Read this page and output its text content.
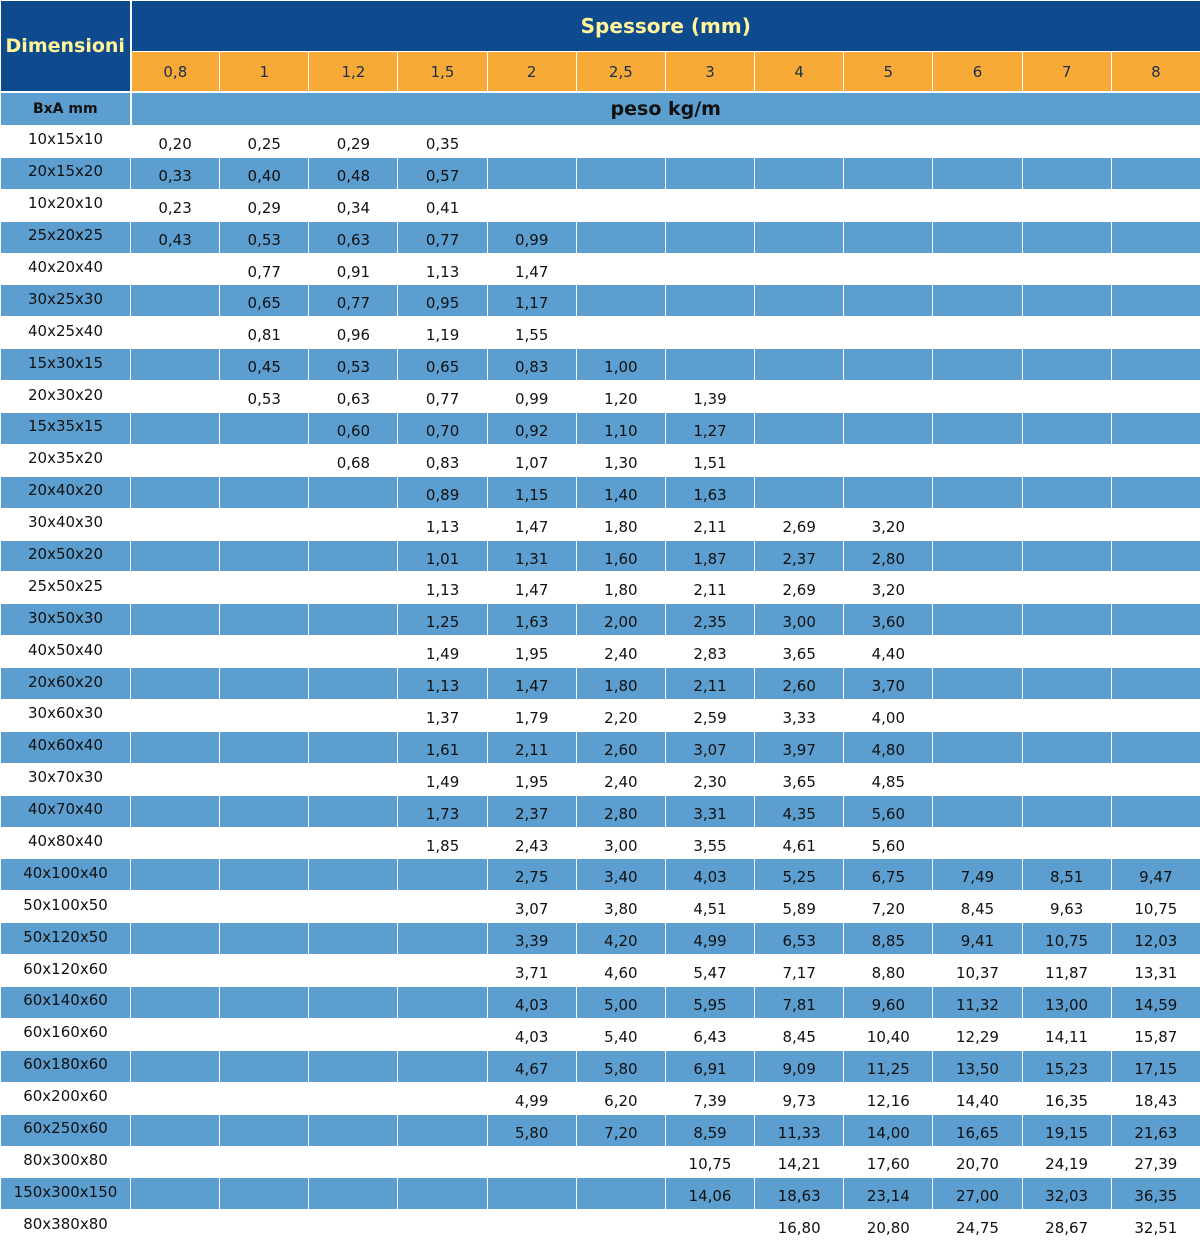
Dimensioni	Spessore (mm)											
	0,8	1	1,2	1,5	2	2,5	3	4	5	6	7	8
BxA mm	peso kg/m											
10x15x10	0,20	0,25	0,29	0,35								
20x15x20	0,33	0,40	0,48	0,57								
10x20x10	0,23	0,29	0,34	0,41								
25x20x25	0,43	0,53	0,63	0,77	0,99							
40x20x40		0,77	0,91	1,13	1,47							
30x25x30		0,65	0,77	0,95	1,17							
40x25x40		0,81	0,96	1,19	1,55							
15x30x15		0,45	0,53	0,65	0,83	1,00						
20x30x20		0,53	0,63	0,77	0,99	1,20	1,39					
15x35x15			0,60	0,70	0,92	1,10	1,27					
20x35x20			0,68	0,83	1,07	1,30	1,51					
20x40x20				0,89	1,15	1,40	1,63					
30x40x30				1,13	1,47	1,80	2,11	2,69	3,20			
20x50x20				1,01	1,31	1,60	1,87	2,37	2,80			
25x50x25				1,13	1,47	1,80	2,11	2,69	3,20			
30x50x30				1,25	1,63	2,00	2,35	3,00	3,60			
40x50x40				1,49	1,95	2,40	2,83	3,65	4,40			
20x60x20				1,13	1,47	1,80	2,11	2,60	3,70			
30x60x30				1,37	1,79	2,20	2,59	3,33	4,00			
40x60x40				1,61	2,11	2,60	3,07	3,97	4,80			
30x70x30				1,49	1,95	2,40	2,30	3,65	4,85			
40x70x40				1,73	2,37	2,80	3,31	4,35	5,60			
40x80x40				1,85	2,43	3,00	3,55	4,61	5,60			
40x100x40					2,75	3,40	4,03	5,25	6,75	7,49	8,51	9,47
50x100x50					3,07	3,80	4,51	5,89	7,20	8,45	9,63	10,75
50x120x50					3,39	4,20	4,99	6,53	8,85	9,41	10,75	12,03
60x120x60					3,71	4,60	5,47	7,17	8,80	10,37	11,87	13,31
60x140x60					4,03	5,00	5,95	7,81	9,60	11,32	13,00	14,59
60x160x60					4,03	5,40	6,43	8,45	10,40	12,29	14,11	15,87
60x180x60					4,67	5,80	6,91	9,09	11,25	13,50	15,23	17,15
60x200x60					4,99	6,20	7,39	9,73	12,16	14,40	16,35	18,43
60x250x60					5,80	7,20	8,59	11,33	14,00	16,65	19,15	21,63
80x300x80							10,75	14,21	17,60	20,70	24,19	27,39
150x300x150							14,06	18,63	23,14	27,00	32,03	36,35
80x380x80								16,80	20,80	24,75	28,67	32,51
